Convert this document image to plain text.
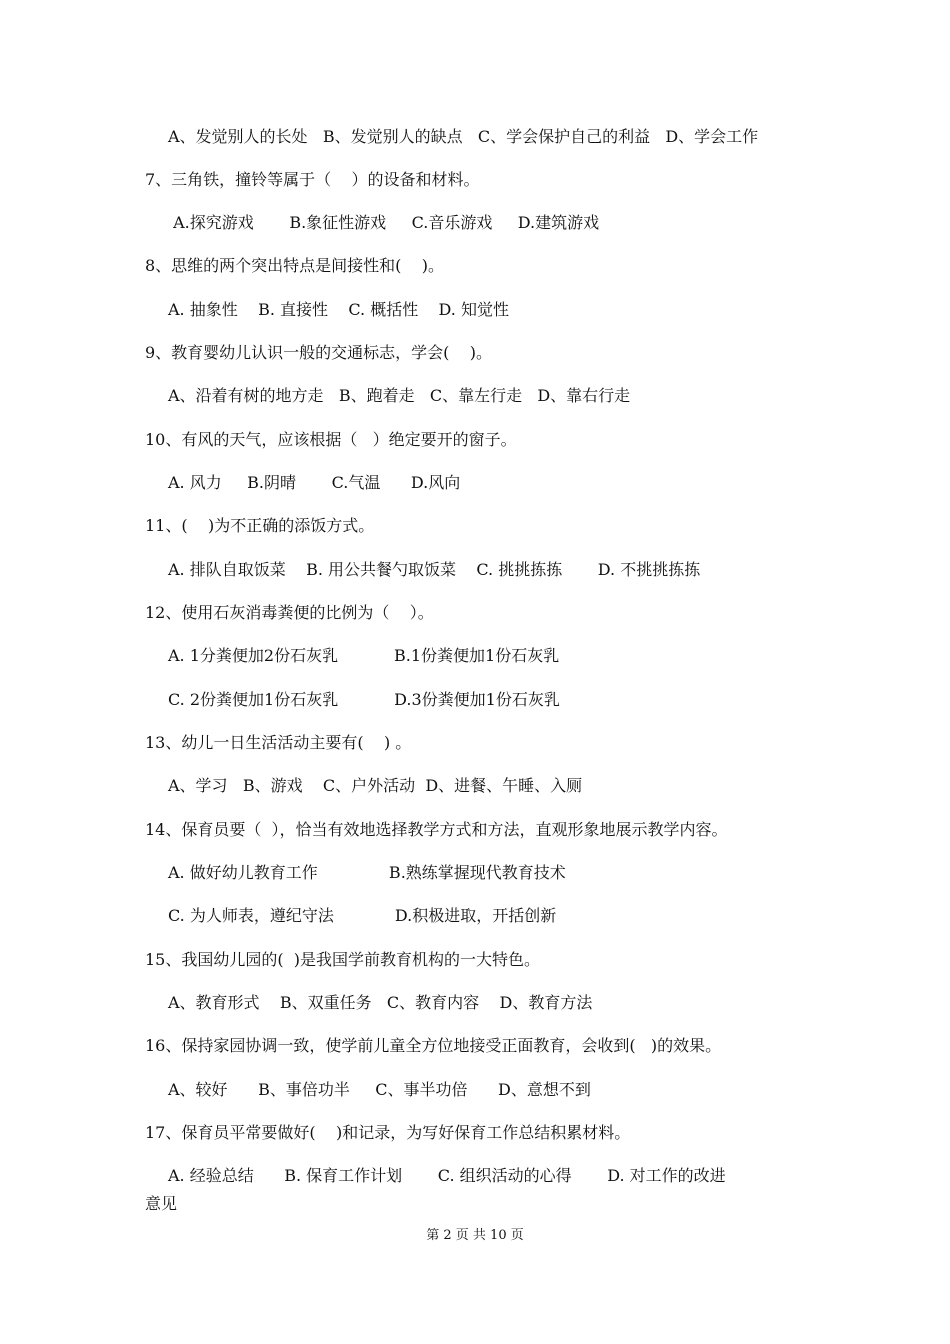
A、发觉别人的长处   B、发觉别人的缺点   C、学会保护自己的利益   D、学会工作
7、三角铁，撞铃等属于（    ）的设备和材料。
A.探究游戏       B.象征性游戏     C.音乐游戏     D.建筑游戏
8、思维的两个突出特点是间接性和(    )。
A. 抽象性    B. 直接性    C. 概括性    D. 知觉性
9、教育婴幼儿认识一般的交通标志，学会(    )。
A、沿着有树的地方走   B、跑着走   C、靠左行走   D、靠右行走
10、有风的天气，应该根据（   ）绝定要开的窗子。
A. 风力     B.阴晴       C.气温      D.风向
11、(    )为不正确的添饭方式。
A. 排队自取饭菜    B. 用公共餐勺取饭菜    C. 挑挑拣拣       D. 不挑挑拣拣
12、使用石灰消毒粪便的比例为（    ）。
A. 1分粪便加2份石灰乳           B.1份粪便加1份石灰乳
C. 2份粪便加1份石灰乳           D.3份粪便加1份石灰乳
13、幼儿一日生活活动主要有(    ) 。
A、学习   B、游戏    C、户外活动  D、进餐、午睡、入厕
14、保育员要（  ），恰当有效地选择教学方式和方法，直观形象地展示教学内容。
A. 做好幼儿教育工作              B.熟练掌握现代教育技术
C. 为人师表，遵纪守法            D.积极进取，开括创新
15、我国幼儿园的(  )是我国学前教育机构的一大特色。
A、教育形式    B、双重任务   C、教育内容    D、教育方法
16、保持家园协调一致，使学前儿童全方位地接受正面教育，会收到(   )的效果。
A、较好      B、事倍功半     C、事半功倍      D、意想不到
17、保育员平常要做好(    )和记录，为写好保育工作总结积累材料。
A. 经验总结      B. 保育工作计划       C. 组织活动的心得       D. 对工作的改进
意见
第 2 页 共 10 页
